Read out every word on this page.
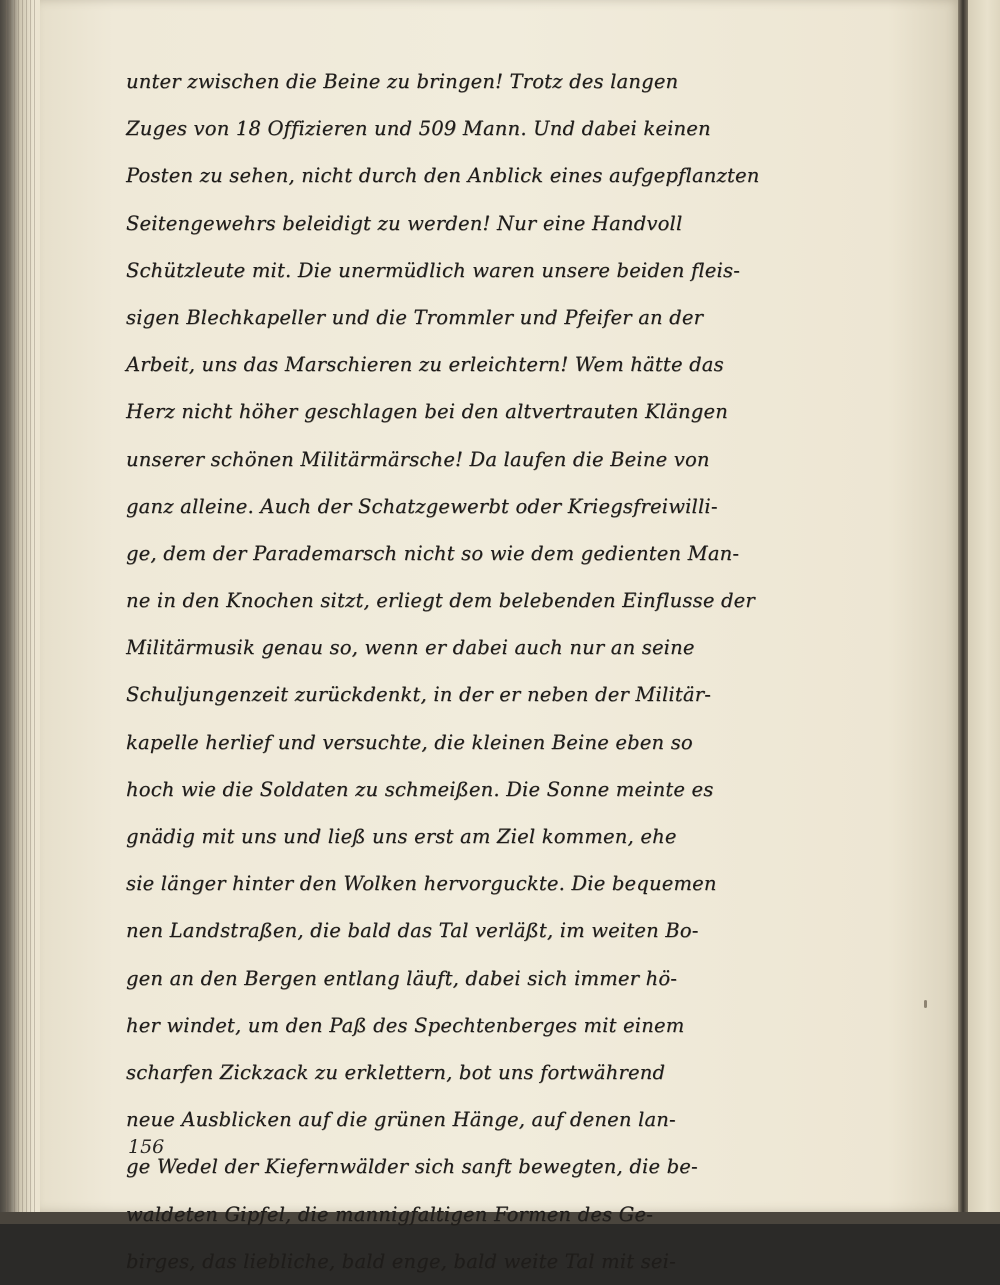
unter zwischen die Beine zu bringen! Trotz des langen
Zuges von 18 Offizieren und 509 Mann. Und dabei keinen
Posten zu sehen, nicht durch den Anblick eines aufgepflanzten
Seitengewehrs beleidigt zu werden! Nur eine Handvoll
Schützleute mit. Die unermüdlich waren unsere beiden fleis-
sigen Blechkapeller und die Trommler und Pfeifer an der
Arbeit, uns das Marschieren zu erleichtern! Wem hätte das
Herz nicht höher geschlagen bei den altvertrauten Klängen
unserer schönen Militärmärsche! Da laufen die Beine von
ganz alleine. Auch der Schatzgewerbt oder Kriegsfreiwilli-
ge, dem der Parademarsch nicht so wie dem gedienten Man-
ne in den Knochen sitzt, erliegt dem belebenden Einflusse der
Militärmusik genau so, wenn er dabei auch nur an seine
Schuljungenzeit zurückdenkt, in der er neben der Militär-
kapelle herlief und versuchte, die kleinen Beine eben so
hoch wie die Soldaten zu schmeißen. Die Sonne meinte es
gnädig mit uns und ließ uns erst am Ziel kommen, ehe
sie länger hinter den Wolken hervorguckte. Die bequemen
nen Landstraßen, die bald das Tal verläßt, im weiten Bo-
gen an den Bergen entlang läuft, dabei sich immer hö-
her windet, um den Paß des Spechtenberges mit einem
scharfen Zickzack zu erklettern, bot uns fortwährend
neue Ausblicken auf die grünen Hänge, auf denen lan-
ge Wedel der Kiefernwälder sich sanft bewegten, die be-
waldeten Gipfel, die mannigfaltigen Formen des Ge-
birges, das liebliche, bald enge, bald weite Tal mit sei-
156
